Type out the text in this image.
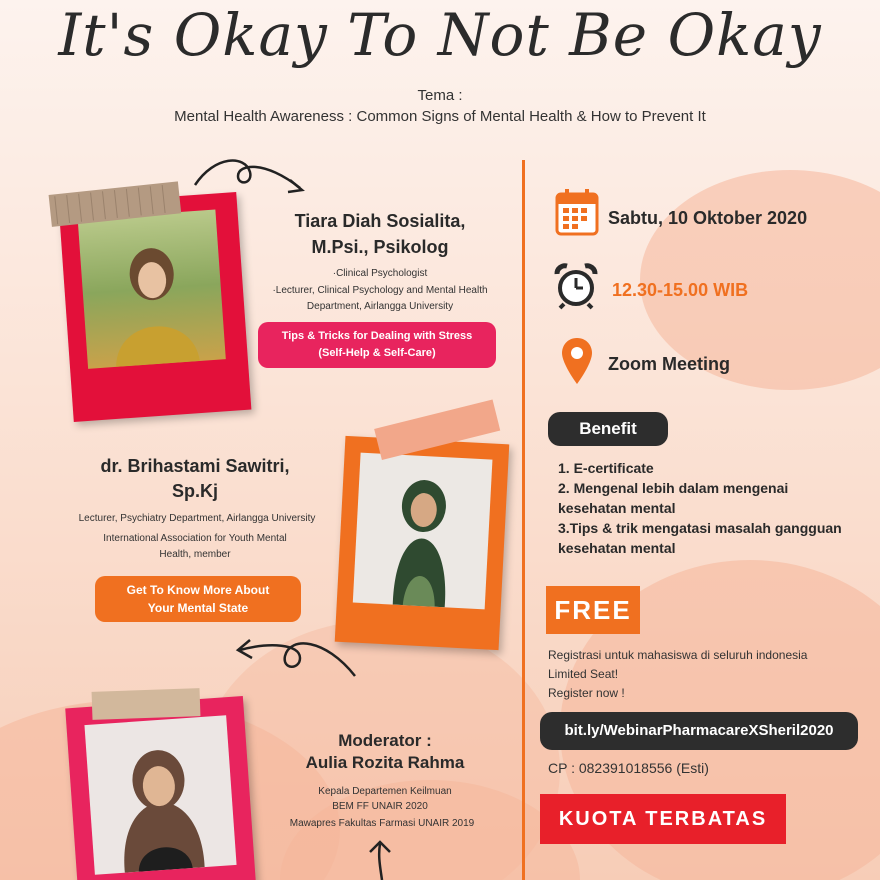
It's Okay To Not Be Okay
Tema :
Mental Health Awareness : Common Signs of Mental Health & How to Prevent It
Tiara Diah Sosialita,
M.Psi., Psikolog
·Clinical Psychologist
·Lecturer, Clinical Psychology and Mental Health
Department, Airlangga University
Tips & Tricks for Dealing with Stress
(Self-Help & Self-Care)
dr. Brihastami Sawitri,
Sp.Kj
Lecturer, Psychiatry Department, Airlangga University
International Association for Youth Mental
Health, member
Get To Know More About
Your Mental State
Moderator :
Aulia Rozita Rahma
Kepala Departemen Keilmuan
BEM FF UNAIR 2020
Mawapres Fakultas Farmasi UNAIR 2019
Sabtu, 10 Oktober 2020
12.30-15.00 WIB
Zoom Meeting
Benefit
1. E-certificate
2. Mengenal lebih dalam mengenai kesehatan mental
3.Tips & trik mengatasi masalah gangguan kesehatan mental
FREE
Registrasi untuk mahasiswa di seluruh indonesia
Limited Seat!
Register now !
bit.ly/WebinarPharmacareXSheril2020
CP : 082391018556 (Esti)
KUOTA TERBATAS
